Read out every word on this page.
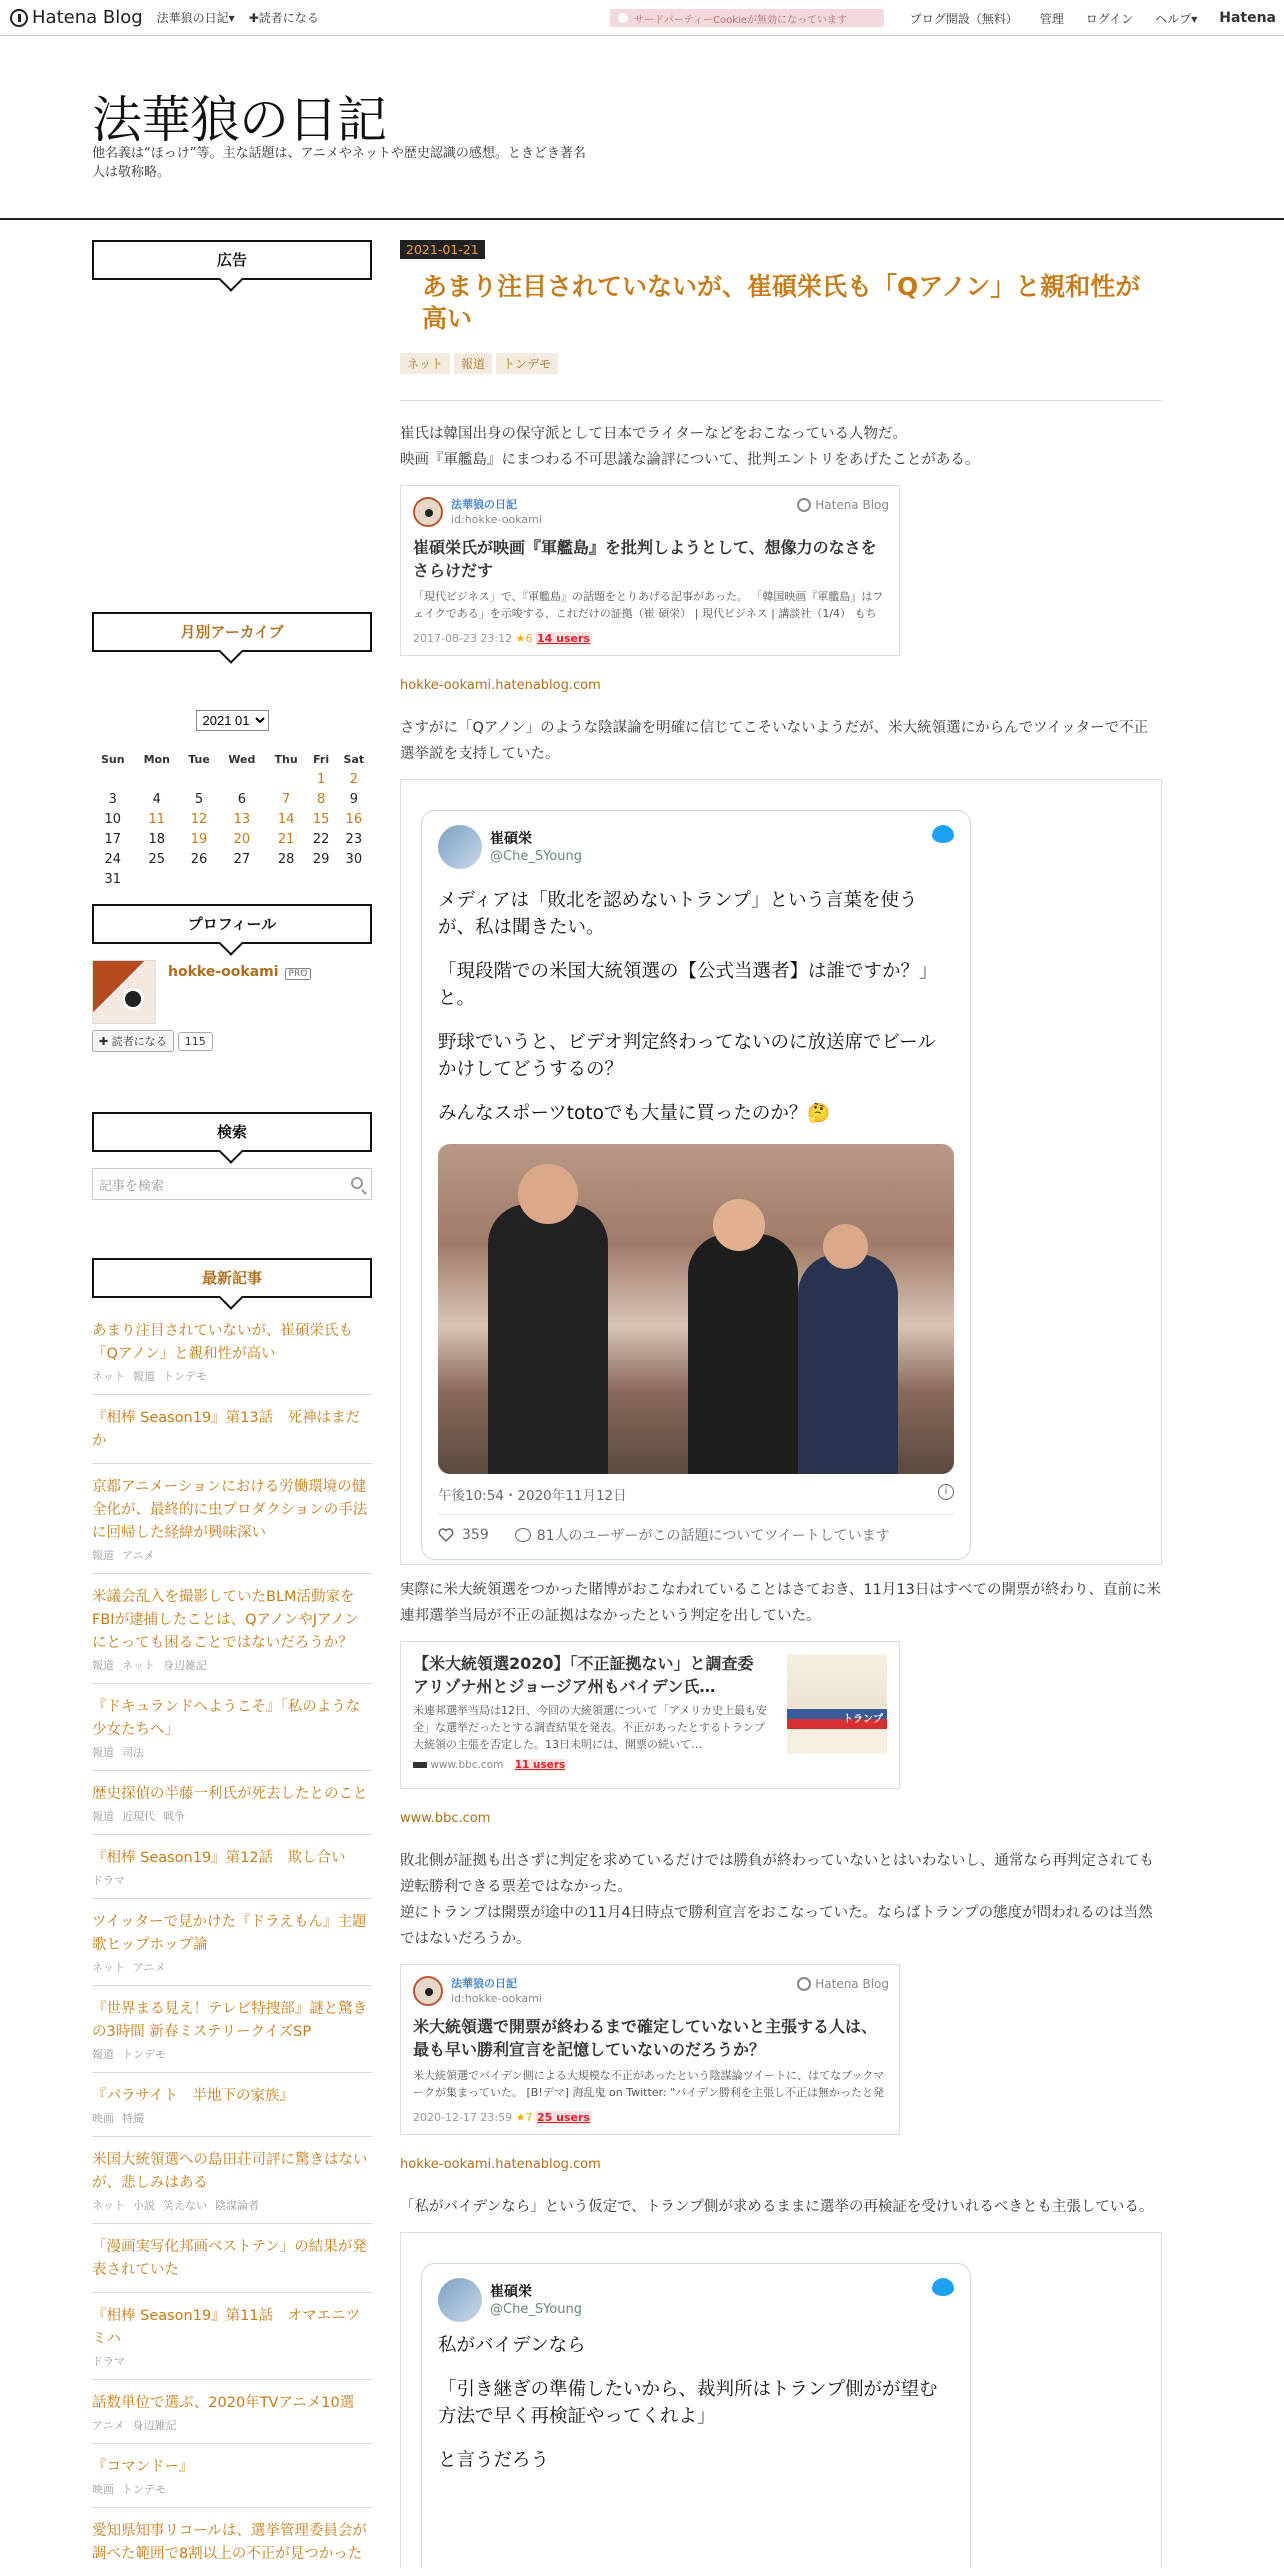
Hatena Blog 法華狼の日記▾ ✚読者になる	サードパーティーCookieが無効になっています	ブログ開設（無料） 管理 ログイン ヘルプ▾ Hatena
法華狼の日記

他名義は“ほっけ”等。主な話題は、アニメやネットや歴史認識の感想。ときどき著名人は敬称略。

広告
月別アーカイブ
2021 01
Sun	Mon	Tue	Wed	Thu	Fri	Sat
					1	2
3	4	5	6	7	8	9
10	11	12	13	14	15	16
17	18	19	20	21	22	23
24	25	26	27	28	29	30
31						
プロフィール
hokke-ookami PRO
✚ 読者になる 115
検索
記事を検索
最新記事
あまり注目されていないが、崔碩栄氏も「Qアノン」と親和性が高い
ネット 報道 トンデモ
『相棒 Season19』第13話　死神はまだか
京都アニメーションにおける労働環境の健全化が、最終的に虫プロダクションの手法に回帰した経緯が興味深い
報道 アニメ
米議会乱入を撮影していたBLM活動家をFBIが逮捕したことは、QアノンやJアノンにとっても困ることではないだろうか？
報道 ネット 身辺雑記
『ドキュランドへようこそ』「私のような少女たちへ」
報道 司法
歴史探偵の半藤一利氏が死去したとのこと
報道 近現代 戦争
『相棒 Season19』第12話　欺し合い
ドラマ
ツイッターで見かけた『ドラえもん』主題歌ヒップホップ論
ネット アニメ
『世界まる見え！テレビ特捜部』謎と驚きの3時間 新春ミステリークイズSP
報道 トンデモ
『パラサイト　半地下の家族』
映画 特撮
米国大統領選への島田荘司評に驚きはないが、悲しみはある
ネット 小説 笑えない 陰謀論者
「漫画実写化邦画ベストテン」の結果が発表されていた
『相棒 Season19』第11話　オマエニツミハ
ドラマ
話数単位で選ぶ、2020年TVアニメ10選
アニメ 身辺雑記
『コマンドー』
映画 トンデモ
愛知県知事リコールは、選挙管理委員会が調べた範囲で8割以上の不正が見つかった
2021-01-21
あまり注目されていないが、崔碩栄氏も「Qアノン」と親和性が高い
ネット 報道 トンデモ
崔氏は韓国出身の保守派として日本でライターなどをおこなっている人物だ。
映画『軍艦島』にまつわる不可思議な論評について、批判エントリをあげたことがある。
法華狼の日記
id:hokke-ookami
Hatena Blog
崔碩栄氏が映画『軍艦島』を批判しようとして、想像力のなさをさらけだす
「現代ビジネス」で、『軍艦島』の話題をとりあげる記事があった。 「韓国映画『軍艦島』はフェイクである」を示唆する、これだけの証拠（崔 碩栄） | 現代ビジネス | 講談社（1/4） もち
2017-08-23 23:12 ★6 14 users
hokke-ookami.hatenablog.com
さすがに「Qアノン」のような陰謀論を明確に信じてこそいないようだが、米大統領選にからんでツイッターで不正選挙説を支持していた。
崔碩栄
@Che_SYoung

メディアは「敗北を認めないトランプ」という言葉を使うが、私は聞きたい。

「現段階での米国大統領選の【公式当選者】は誰ですか？」と。

野球でいうと、ビデオ判定終わってないのに放送席でビールかけしてどうするの？

みんなスポーツtotoでも大量に買ったのか？🤔

午後10:54・2020年11月12日	i
359	81人のユーザーがこの話題についてツイートしています
実際に米大統領選をつかった賭博がおこなわれていることはさておき、11月13日はすべての開票が終わり、直前に米連邦選挙当局が不正の証拠はなかったという判定を出していた。
【米大統領選2020】「不正証拠ない」と調査委　アリゾナ州とジョージア州もバイデン氏…
米連邦選挙当局は12日、今回の大統領選について「アメリカ史上最も安全」な選挙だったとする調査結果を発表。不正があったとするトランプ大統領の主張を否定した。13日未明には、開票の続いて…
www.bbc.com 11 users
トランプ
www.bbc.com
敗北側が証拠も出さずに判定を求めているだけでは勝負が終わっていないとはいわないし、通常なら再判定されても逆転勝利できる票差ではなかった。
逆にトランプは開票が途中の11月4日時点で勝利宣言をおこなっていた。ならばトランプの態度が問われるのは当然ではないだろうか。
法華狼の日記
id:hokke-ookami
Hatena Blog
米大統領選で開票が終わるまで確定していないと主張する人は、最も早い勝利宣言を記憶していないのだろうか？
米大統領選でバイデン側による大規模な不正があったという陰謀論ツイートに、はてなブックマークが集まっていた。 [B!デマ] 海乱鬼 on Twitter: "バイデン勝利を主張し不正は無かったと発
2020-12-17 23:59 ★7 25 users
hokke-ookami.hatenablog.com
「私がバイデンなら」という仮定で、トランプ側が求めるままに選挙の再検証を受けいれるべきとも主張している。
崔碩栄
@Che_SYoung

私がバイデンなら

「引き継ぎの準備したいから、裁判所はトランプ側がが望む方法で早く再検証やってくれよ」

と言うだろう
